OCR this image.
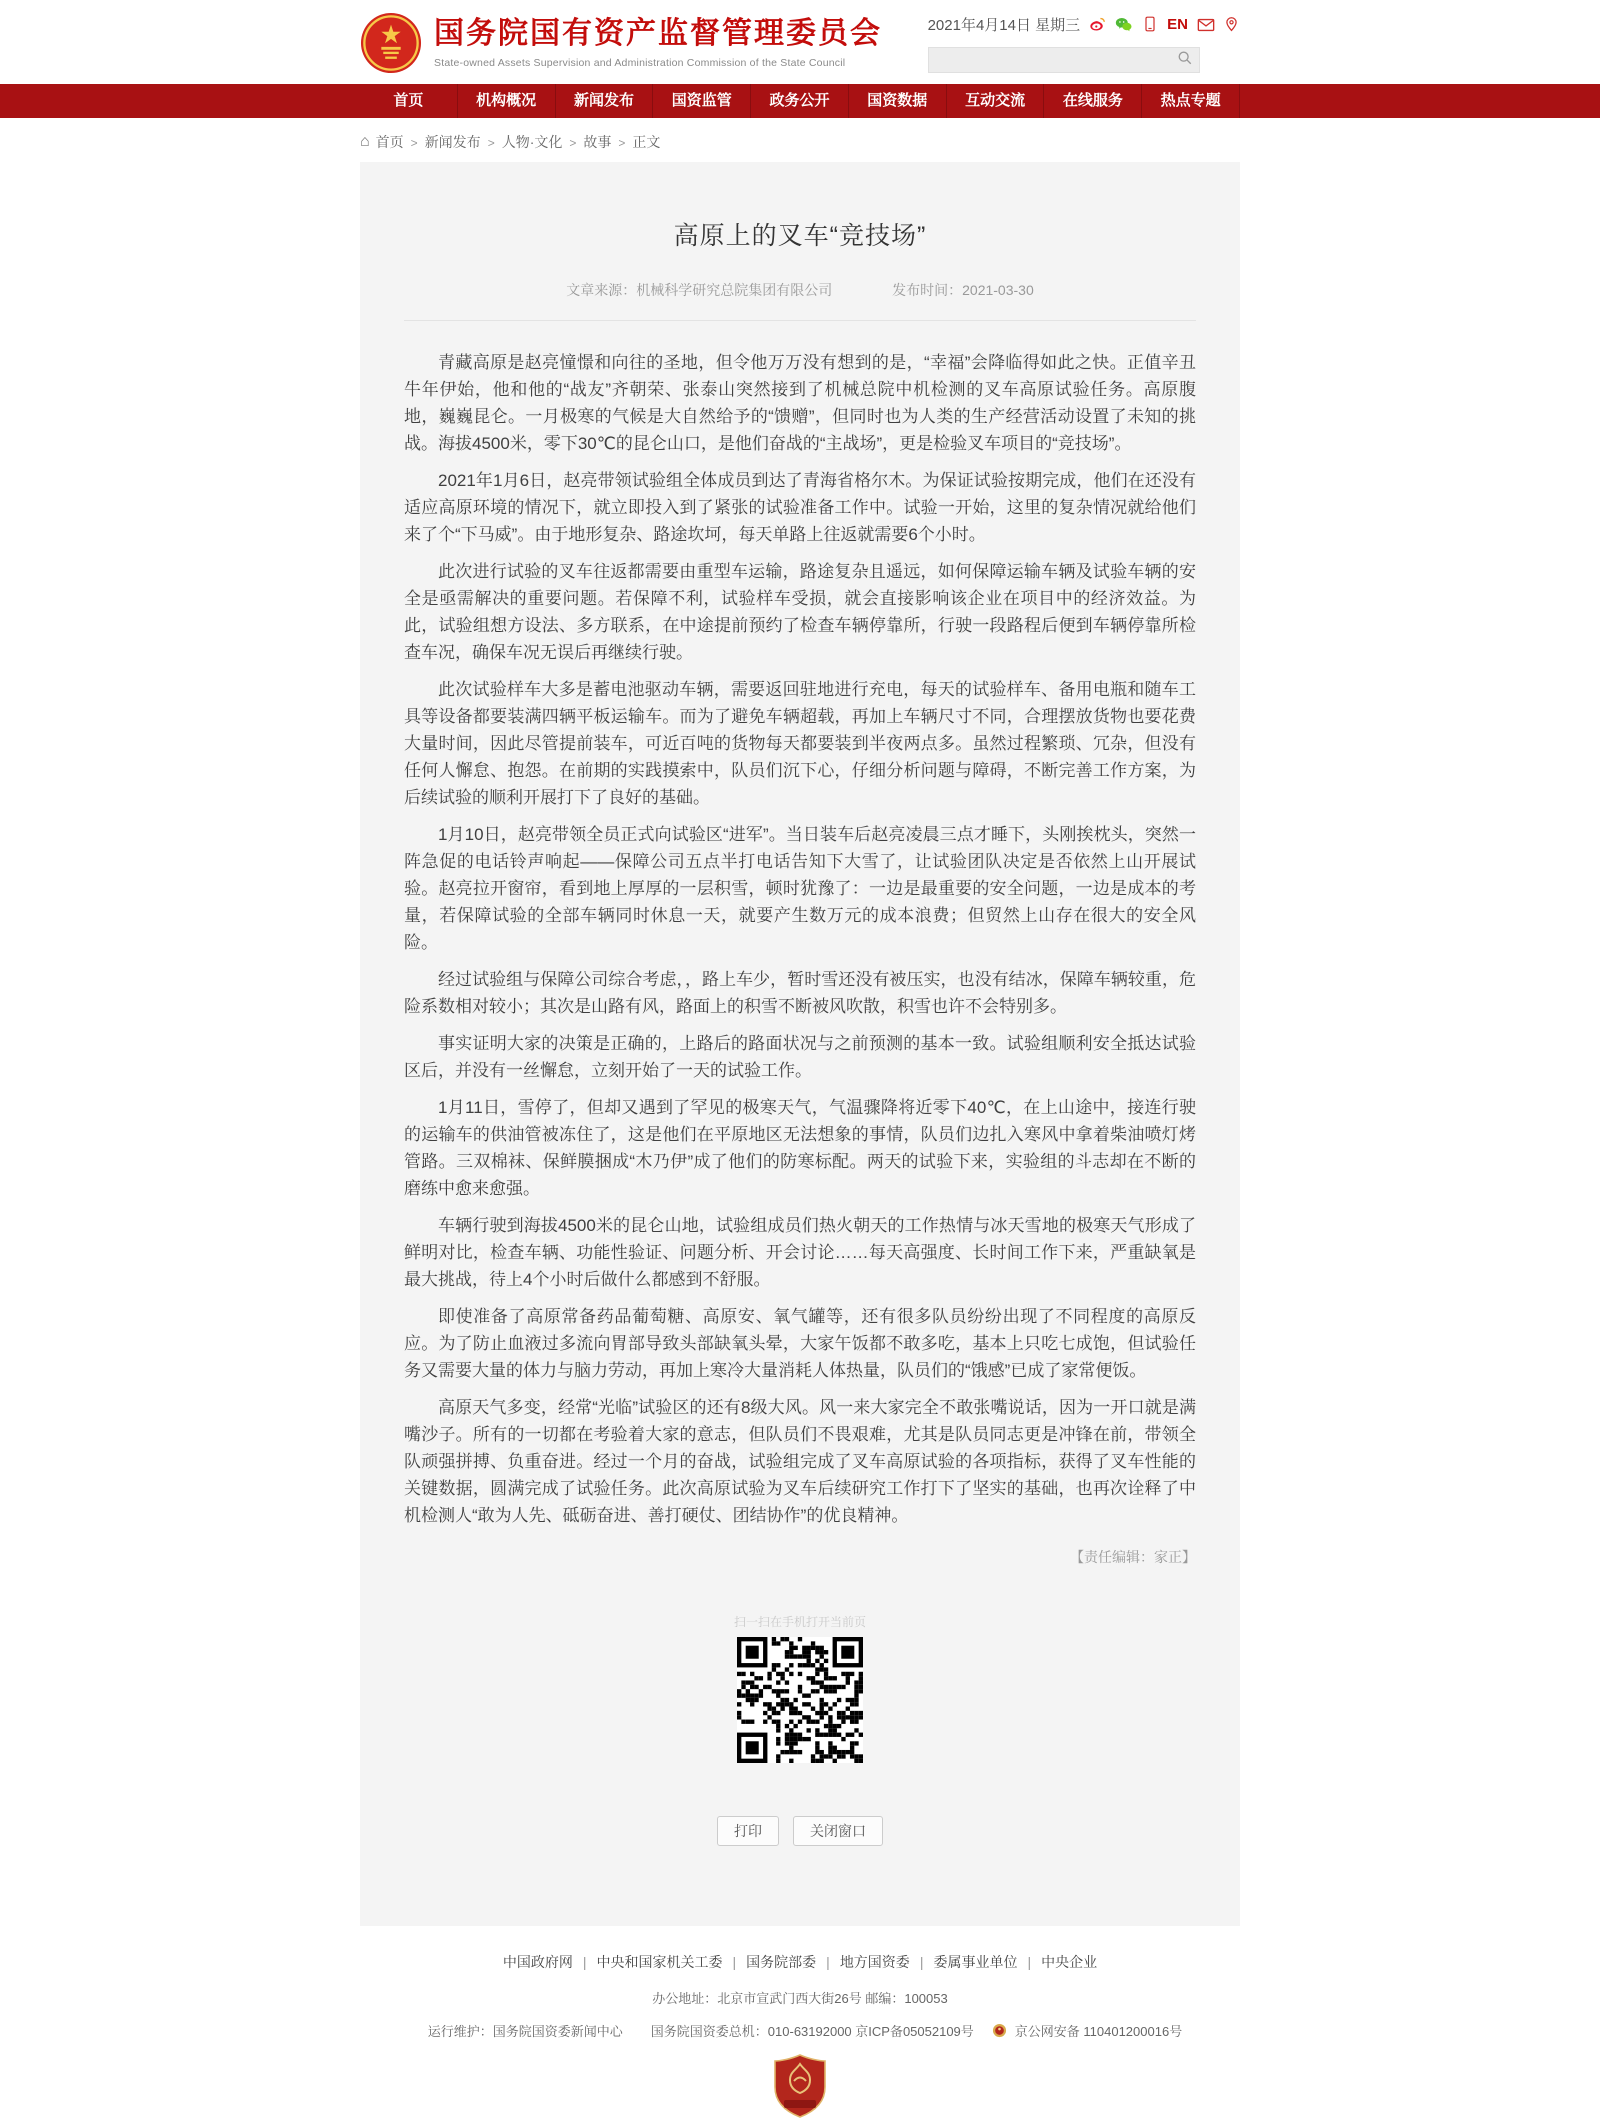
国务院国有资产监督管理委员会
State-owned Assets Supervision and Administration Commission of the State Council
2021年4月14日 星期三	EN
首页	机构概况	新闻发布	国资监管	政务公开	国资数据	互动交流	在线服务	热点专题
⌂ 首页	> 新闻发布	> 人物·文化	> 故事	> 正文
高原上的叉车“竞技场”
文章来源：机械科学研究总院集团有限公司	发布时间：2021-03-30

青藏高原是赵亮憧憬和向往的圣地，但令他万万没有想到的是，“幸福”会降临得如此之快。正值辛丑牛年伊始，他和他的“战友”齐朝荣、张泰山突然接到了机械总院中机检测的叉车高原试验任务。高原腹地，巍巍昆仑。一月极寒的气候是大自然给予的“馈赠”，但同时也为人类的生产经营活动设置了未知的挑战。海拔4500米，零下30℃的昆仑山口，是他们奋战的“主战场”，更是检验叉车项目的“竞技场”。

2021年1月6日，赵亮带领试验组全体成员到达了青海省格尔木。为保证试验按期完成，他们在还没有适应高原环境的情况下，就立即投入到了紧张的试验准备工作中。试验一开始，这里的复杂情况就给他们来了个“下马威”。由于地形复杂、路途坎坷，每天单路上往返就需要6个小时。

此次进行试验的叉车往返都需要由重型车运输，路途复杂且遥远，如何保障运输车辆及试验车辆的安全是亟需解决的重要问题。若保障不利，试验样车受损，就会直接影响该企业在项目中的经济效益。为此，试验组想方设法、多方联系，在中途提前预约了检查车辆停靠所，行驶一段路程后便到车辆停靠所检查车况，确保车况无误后再继续行驶。

此次试验样车大多是蓄电池驱动车辆，需要返回驻地进行充电，每天的试验样车、备用电瓶和随车工具等设备都要装满四辆平板运输车。而为了避免车辆超载，再加上车辆尺寸不同，合理摆放货物也要花费大量时间，因此尽管提前装车，可近百吨的货物每天都要装到半夜两点多。虽然过程繁琐、冗杂，但没有任何人懈怠、抱怨。在前期的实践摸索中，队员们沉下心，仔细分析问题与障碍，不断完善工作方案，为后续试验的顺利开展打下了良好的基础。

1月10日，赵亮带领全员正式向试验区“进军”。当日装车后赵亮凌晨三点才睡下，头刚挨枕头，突然一阵急促的电话铃声响起——保障公司五点半打电话告知下大雪了，让试验团队决定是否依然上山开展试验。赵亮拉开窗帘，看到地上厚厚的一层积雪，顿时犹豫了：一边是最重要的安全问题，一边是成本的考量，若保障试验的全部车辆同时休息一天，就要产生数万元的成本浪费；但贸然上山存在很大的安全风险。

经过试验组与保障公司综合考虑，，路上车少，暂时雪还没有被压实，也没有结冰，保障车辆较重，危险系数相对较小；其次是山路有风，路面上的积雪不断被风吹散，积雪也许不会特别多。

事实证明大家的决策是正确的，上路后的路面状况与之前预测的基本一致。试验组顺利安全抵达试验区后，并没有一丝懈怠，立刻开始了一天的试验工作。

1月11日，雪停了，但却又遇到了罕见的极寒天气，气温骤降将近零下40℃，在上山途中，接连行驶的运输车的供油管被冻住了，这是他们在平原地区无法想象的事情，队员们边扎入寒风中拿着柴油喷灯烤管路。三双棉袜、保鲜膜捆成“木乃伊”成了他们的防寒标配。两天的试验下来，实验组的斗志却在不断的磨练中愈来愈强。

车辆行驶到海拔4500米的昆仑山地，试验组成员们热火朝天的工作热情与冰天雪地的极寒天气形成了鲜明对比，检查车辆、功能性验证、问题分析、开会讨论……每天高强度、长时间工作下来，严重缺氧是最大挑战，待上4个小时后做什么都感到不舒服。

即使准备了高原常备药品葡萄糖、高原安、氧气罐等，还有很多队员纷纷出现了不同程度的高原反应。为了防止血液过多流向胃部导致头部缺氧头晕，大家午饭都不敢多吃，基本上只吃七成饱，但试验任务又需要大量的体力与脑力劳动，再加上寒冷大量消耗人体热量，队员们的“饿感”已成了家常便饭。

高原天气多变，经常“光临”试验区的还有8级大风。风一来大家完全不敢张嘴说话，因为一开口就是满嘴沙子。所有的一切都在考验着大家的意志，但队员们不畏艰难，尤其是队员同志更是冲锋在前，带领全队顽强拼搏、负重奋进。经过一个月的奋战，试验组完成了叉车高原试验的各项指标，获得了叉车性能的关键数据，圆满完成了试验任务。此次高原试验为叉车后续研究工作打下了坚实的基础，也再次诠释了中机检测人“敢为人先、砥砺奋进、善打硬仗、团结协作”的优良精神。

【责任编辑：家正】
扫一扫在手机打开当前页
打印	关闭窗口
中国政府网 | 中央和国家机关工委 | 国务院部委 | 地方国资委 | 委属事业单位 | 中央企业
办公地址：北京市宣武门西大街26号 邮编：100053
运行维护：国务院国资委新闻中心 国务院国资委总机：010-63192000 京ICP备05052109号	京公网安备 110401200016号
